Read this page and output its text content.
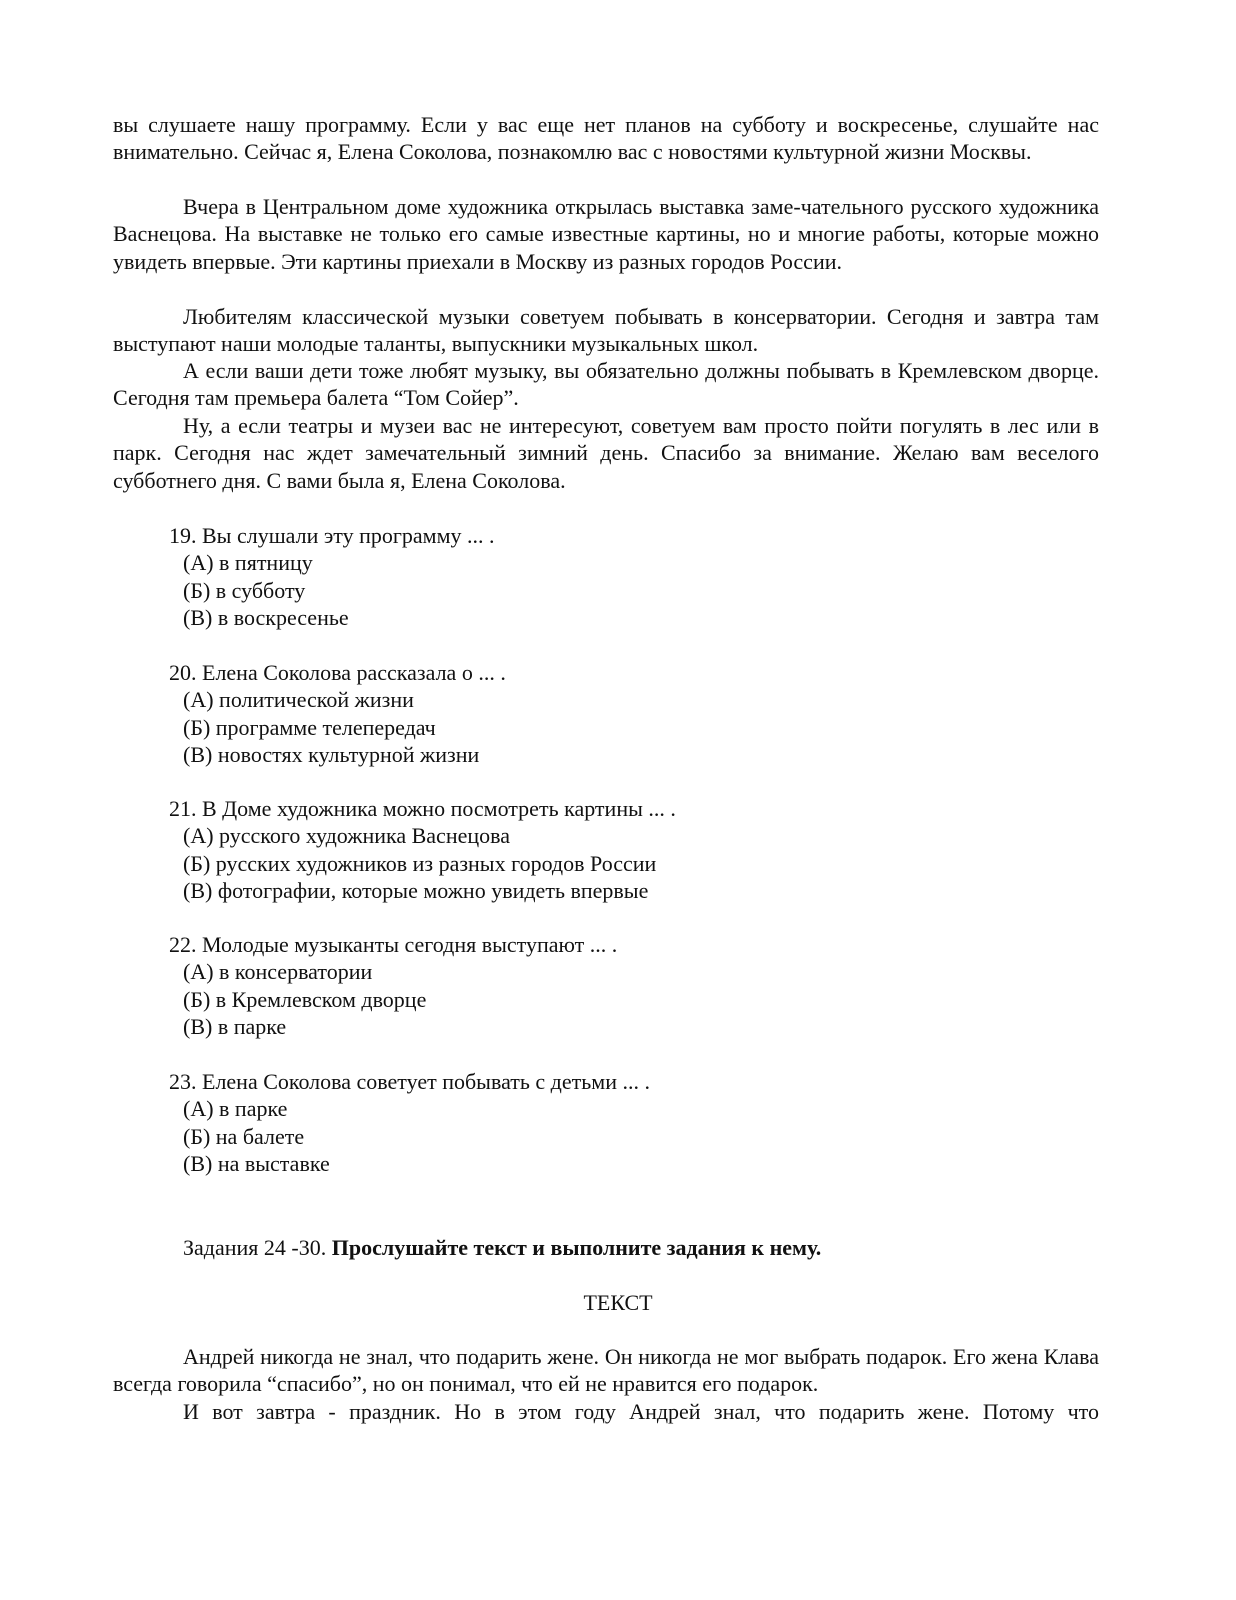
вы слушаете нашу программу. Если у вас еще нет планов на субботу и воскресенье, слушайте нас внимательно. Сейчас я, Елена Соколова, познакомлю вас с новостями культурной жизни Москвы.

Вчера в Центральном доме художника открылась выставка заме-чательного русского художника Васнецова. На выставке не только его самые известные картины, но и многие работы, которые можно увидеть впервые. Эти картины приехали в Москву из разных городов России.

Любителям классической музыки советуем побывать в консерватории. Сегодня и завтра там выступают наши молодые таланты, выпускники музыкальных школ.

А если ваши дети тоже любят музыку, вы обязательно должны побывать в Кремлевском дворце. Сегодня там премьера балета “Том Сойер”.

Ну, а если театры и музеи вас не интересуют, советуем вам просто пойти погулять в лес или в парк. Сегодня нас ждет замечательный зимний день. Спасибо за внимание. Желаю вам веселого субботнего дня. С вами была я, Елена Соколова.

19. Вы слушали эту программу ... .
(А) в пятницу
(Б) в субботу
(В) в воскресенье
20. Елена Соколова рассказала о ... .
(А) политической жизни
(Б) программе телепередач
(В) новостях культурной жизни
21. В Доме художника можно посмотреть картины ... .
(А) русского художника Васнецова
(Б) русских художников из разных городов России
(В) фотографии, которые можно увидеть впервые
22. Молодые музыканты сегодня выступают ... .
(А) в консерватории
(Б) в Кремлевском дворце
(В) в парке
23. Елена Соколова советует побывать с детьми ... .
(А) в парке
(Б) на балете
(В) на выставке
Задания 24 -30. Прослушайте текст и выполните задания к нему.
ТЕКСТ

Андрей никогда не знал, что подарить жене. Он никогда не мог выбрать подарок. Его жена Клава всегда говорила “спасибо”, но он понимал, что ей не нравится его подарок.

И вот завтра - праздник. Но в этом году Андрей знал, что подарить жене. Потому что
